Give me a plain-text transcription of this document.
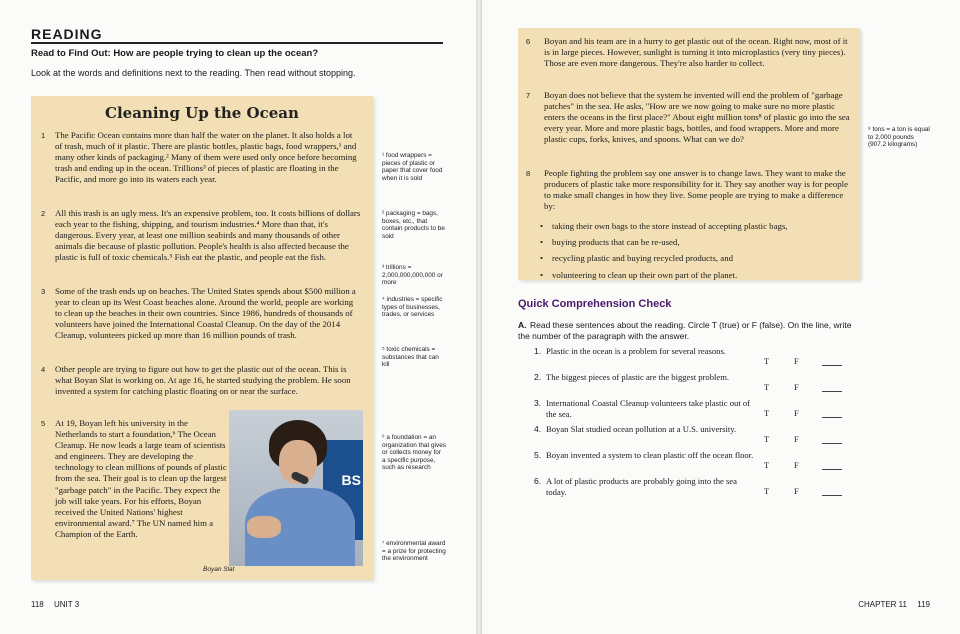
READING
Read to Find Out: How are people trying to clean up the ocean?
Look at the words and definitions next to the reading. Then read without stopping.
Cleaning Up the Ocean
1 The Pacific Ocean contains more than half the water on the planet. It also holds a lot of trash, much of it plastic. There are plastic bottles, plastic bags, food wrappers,¹ and many other kinds of packaging.² Many of them were used only once before becoming trash and ending up in the ocean. Trillions³ of pieces of plastic are floating in the Pacific, and more go into its waters each year.
2 All this trash is an ugly mess. It's an expensive problem, too. It costs billions of dollars each year to the fishing, shipping, and tourism industries.⁴ More than that, it's dangerous. Every year, at least one million seabirds and many thousands of other animals die because of plastic pollution. People's health is also affected because the plastic is full of toxic chemicals.⁵ Fish eat the plastic, and people eat the fish.
3 Some of the trash ends up on beaches. The United States spends about $500 million a year to clean up its West Coast beaches alone. Around the world, people are working to clean up the beaches in their own countries. Since 1986, hundreds of thousands of volunteers have joined the International Coastal Cleanup. On the day of the 2014 Cleanup, volunteers picked up more than 16 million pounds of trash.
4 Other people are trying to figure out how to get the plastic out of the ocean. This is what Boyan Slat is working on. At age 16, he started studying the problem. He soon invented a system for catching plastic floating on or near the surface.
5 At 19, Boyan left his university in the Netherlands to start a foundation,⁶ The Ocean Cleanup. He now leads a large team of scientists and engineers. They are developing the technology to clean millions of pounds of plastic from the sea. Their goal is to clean up the largest "garbage patch" in the Pacific. They expect the job will take years. For his efforts, Boyan received the United Nations' highest environmental award.⁷ The UN named him a Champion of the Earth.
BS
Boyan Slat
¹ food wrappers = pieces of plastic or paper that cover food when it is sold
² packaging = bags, boxes, etc., that contain products to be sold
³ trillions = 2,000,000,000,000 or more
⁴ industries = specific types of businesses, trades, or services
⁵ toxic chemicals = substances that can kill
⁶ a foundation = an organization that gives or collects money for a specific purpose, such as research
⁷ environmental award = a prize for protecting the environment
118 UNIT 3
6 Boyan and his team are in a hurry to get plastic out of the ocean. Right now, most of it is in large pieces. However, sunlight is turning it into microplastics (very tiny pieces). Those are even more dangerous. They're also harder to collect.
7 Boyan does not believe that the system he invented will end the problem of "garbage patches" in the sea. He asks, "How are we now going to make sure no more plastic enters the oceans in the first place?" About eight million tons⁸ of plastic go into the sea every year. More and more plastic bags, bottles, and food wrappers. More and more plastic cups, forks, knives, and spoons. What can we do?
8 People fighting the problem say one answer is to change laws. They want to make the producers of plastic take more responsibility for it. They say another way is for people to make small changes in how they live. Some people are trying to make a difference by:
• taking their own bags to the store instead of accepting plastic bags,
• buying products that can be re-used,
• recycling plastic and buying recycled products, and
• volunteering to clean up their own part of the planet.
⁸ tons = a ton is equal to 2,000 pounds (907.2 kilograms)
Quick Comprehension Check
A. Read these sentences about the reading. Circle T (true) or F (false). On the line, write the number of the paragraph with the answer.
1. Plastic in the ocean is a problem for several reasons.
T	F
2. The biggest pieces of plastic are the biggest problem.
T	F
3. International Coastal Cleanup volunteers take plastic out of the sea.	T	F
4. Boyan Slat studied ocean pollution at a U.S. university.
T	F
5. Boyan invented a system to clean plastic off the ocean floor.
T	F
6. A lot of plastic products are probably going into the sea today.	T	F
CHAPTER 11 119
